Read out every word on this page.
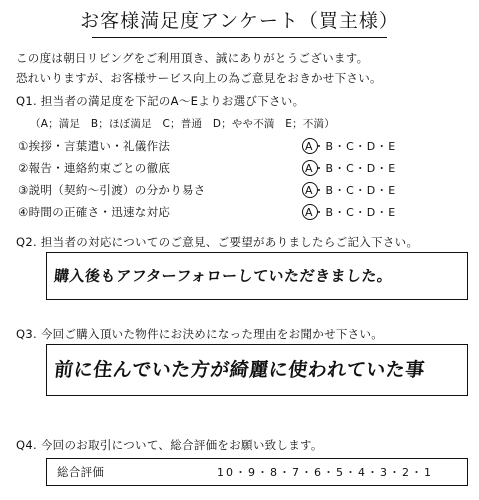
お客様満足度アンケート（買主様）
この度は朝日リビングをご利用頂き、誠にありがとうございます。
恐れいりますが、お客様サービス向上の為ご意見をおきかせ下さい。
Q1. 担当者の満足度を下記のA〜Eよりお選び下さい。
（A；満足　B；ほぼ満足　C；普通　D；やや不満　E；不満）
①挨拶・言葉遣い・礼儀作法	A・B・C・D・E
②報告・連絡約束ごとの徹底	A・B・C・D・E
③説明（契約〜引渡）の分かり易さ	A・B・C・D・E
④時間の正確さ・迅速な対応	A・B・C・D・E
Q2. 担当者の対応についてのご意見、ご要望がありましたらご記入下さい。
購入後もアフターフォローしていただきました。
Q3. 今回ご購入頂いた物件にお決めになった理由をお聞かせ下さい。
前に住んでいた方が綺麗に使われていた事
Q4. 今回のお取引について、総合評価をお願い致します。
総合評価	10・9・8・7・6・5・4・3・2・1
